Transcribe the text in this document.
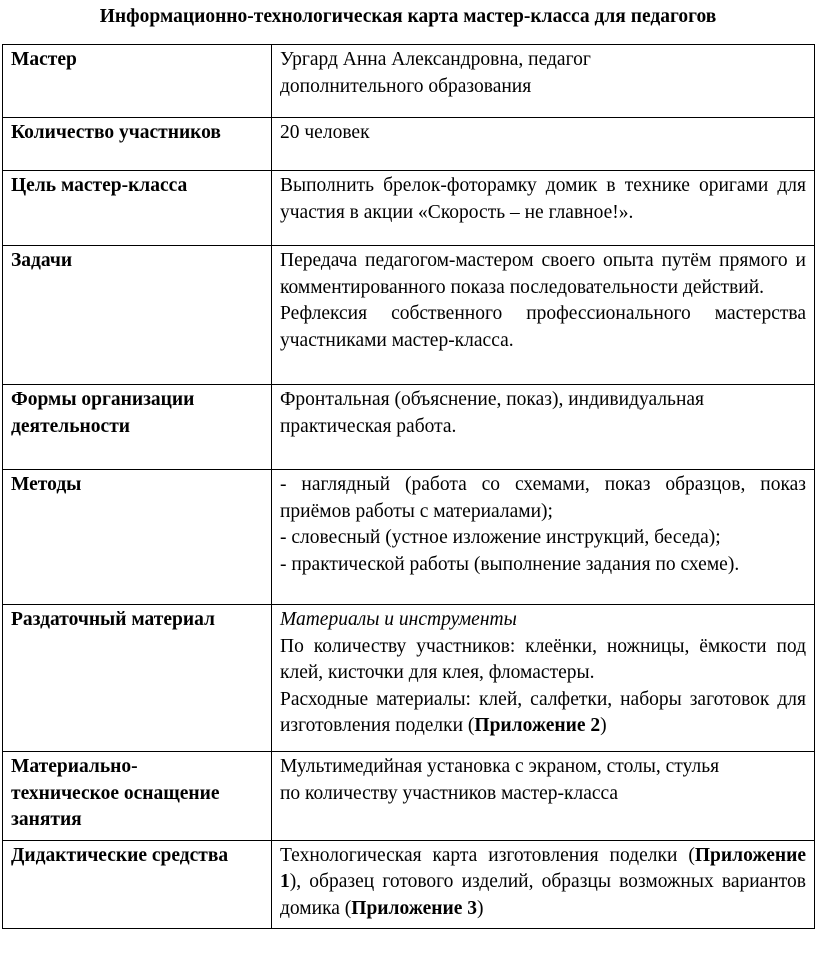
Информационно-технологическая карта мастер-класса для педагогов
Мастер	Ургард Анна Александровна, педагог
дополнительного образования

Количество участников	20 человек
Цель мастер-класса	Выполнить брелок-фоторамку домик в технике оригами для участия в акции «Скорость – не главное!».
Задачи	Передача педагогом-мастером своего опыта путём прямого и комментированного показа последовательности действий.
Рефлексия собственного профессионального мастерства участниками мастер-класса.

Формы организации
деятельности	Фронтальная (объяснение, показ), индивидуальная
практическая работа.

Методы	- наглядный (работа со схемами, показ образцов, показ приёмов работы с материалами);
- словесный (устное изложение инструкций, беседа);
- практической работы (выполнение задания по схеме).

Раздаточный материал	Материалы и инструменты
По количеству участников: клеёнки, ножницы, ёмкости под клей, кисточки для клея, фломастеры.
Расходные материалы: клей, салфетки, наборы заготовок для изготовления поделки (Приложение 2)

Материально-
техническое оснащение
занятия	Мультимедийная установка с экраном, столы, стулья
по количеству участников мастер-класса

Дидактические средства	Технологическая карта изготовления поделки (Приложение 1), образец готового изделий, образцы возможных вариантов домика (Приложение 3)
